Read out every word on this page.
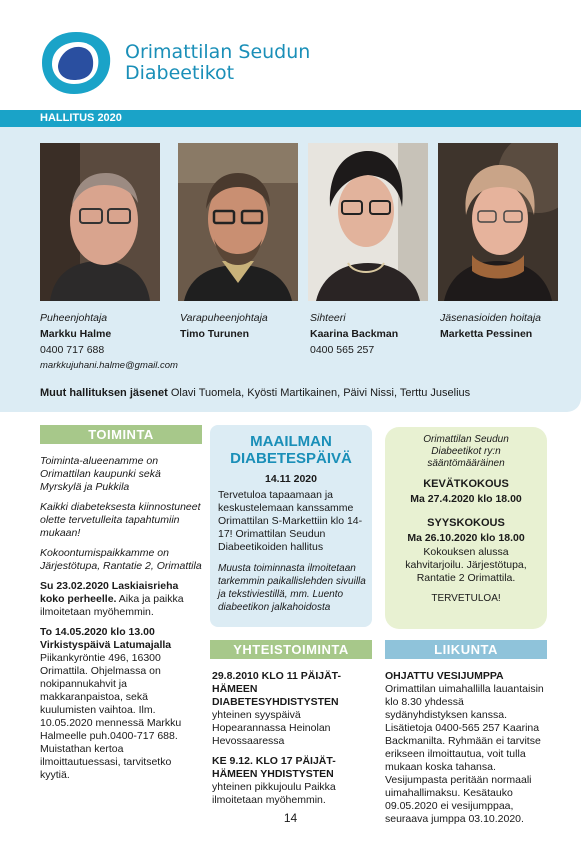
Orimattilan Seudun
Diabeetikot
HALLITUS 2020
Puheenjohtaja
Markku Halme
0400 717 688
markkujuhani.halme@gmail.com
Varapuheenjohtaja
Timo Turunen
Sihteeri
Kaarina Backman
0400 565 257
Jäsenasioiden hoitaja
Marketta Pessinen
Muut hallituksen jäsenet Olavi Tuomela, Kyösti Martikainen, Päivi Nissi, Terttu Juselius
TOIMINTA

Toiminta-alueenamme on Orimattilan kaupunki sekä Myrskylä ja Pukkila

Kaikki diabeteksesta kiinnostuneet olette tervetulleita tapahtumiin mukaan!

Kokoontumispaikkamme on Järjestötupa, Rantatie 2, Orimattila

Su 23.02.2020 Laskiaisrieha koko perheelle. Aika ja paikka ilmoitetaan myöhemmin.

To 14.05.2020 klo 13.00 Virkistyspäivä Latumajalla Piikankyröntie 496, 16300 Orimattila. Ohjelmassa on nokipannukahvit ja makkaranpaistoa, sekä kuulumisten vaihtoa. Ilm. 10.05.2020 mennessä Markku Halmeelle puh.0400-717 688. Muistathan kertoa ilmoittautuessasi, tarvitsetko kyytiä.

MAAILMAN
DIABETESPÄIVÄ
14.11 2020
Tervetuloa tapaamaan ja keskustelemaan kanssamme Orimattilan S-Markettiin klo 14-17! Orimattilan Seudun Diabeetikoiden hallitus
Muusta toiminnasta ilmoitetaan tarkemmin paikallislehden sivuilla ja tekstiviestillä, mm. Luento diabeetikon jalkahoidosta
Orimattilan Seudun Diabeetikot ry:n sääntömääräinen
KEVÄTKOKOUS
Ma 27.4.2020 klo 18.00
SYYSKOKOUS
Ma 26.10.2020 klo 18.00
Kokouksen alussa kahvitarjoilu. Järjestötupa, Rantatie 2 Orimattila.
TERVETULOA!
YHTEISTOIMINTA

29.8.2010 KLO 11 PÄIJÄT-HÄMEEN DIABETESYHDISTYSTEN yhteinen syyspäivä Hopearannassa Heinolan Hevossaaressa

KE 9.12. KLO 17 PÄIJÄT-HÄMEEN YHDISTYSTEN yhteinen pikkujoulu Paikka ilmoitetaan myöhemmin.

LIIKUNTA
OHJATTU VESIJUMPPA
Orimattilan uimahallilla lauantaisin klo 8.30 yhdessä sydänyhdistyksen kanssa. Lisätietoja 0400-565 257 Kaarina Backmanilta. Ryhmään ei tarvitse erikseen ilmoittautua, voit tulla mukaan koska tahansa. Vesijumpasta peritään normaali uimahallimaksu. Kesätauko 09.05.2020 ei vesijumppaa, seuraava jumppa 03.10.2020.
14
